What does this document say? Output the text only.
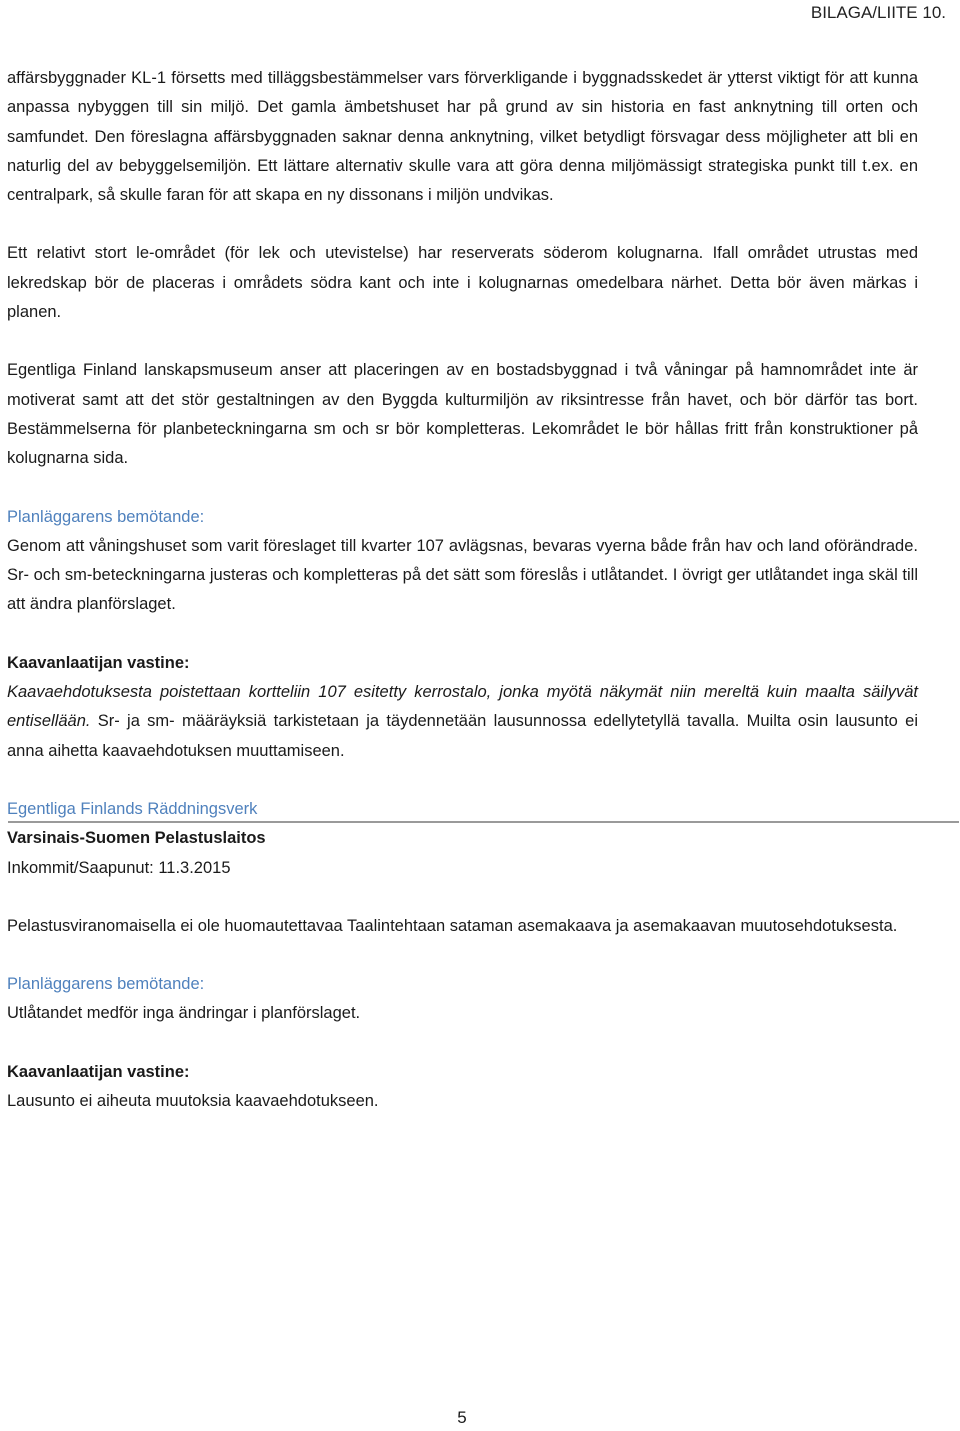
BILAGA/LIITE 10.

affärsbyggnader KL-1 försetts med tilläggsbestämmelser vars förverkligande i byggnadsskedet är ytterst viktigt för att kunna anpassa nybyggen till sin miljö. Det gamla ämbetshuset har på grund av sin historia en fast anknytning till orten och samfundet. Den föreslagna affärsbyggnaden saknar denna anknytning, vilket betydligt försvagar dess möjligheter att bli en naturlig del av bebyggelsemiljön. Ett lättare alternativ skulle vara att göra denna miljömässigt strategiska punkt till t.ex. en centralpark, så skulle faran för att skapa en ny dissonans i miljön undvikas.

Ett relativt stort le-området (för lek och utevistelse) har reserverats söderom kolugnarna. Ifall området utrustas med lekredskap bör de placeras i områdets södra kant och inte i kolugnarnas omedelbara närhet. Detta bör även märkas i planen.

Egentliga Finland lanskapsmuseum anser att placeringen av en bostadsbyggnad i två våningar på hamnområdet inte är motiverat samt att det stör gestaltningen av den Byggda kulturmiljön av riksintresse från havet, och bör därför tas bort. Bestämmelserna för planbeteckningarna sm och sr bör kompletteras. Lekområdet le bör hållas fritt från konstruktioner på kolugnarna sida.

Planläggarens bemötande:

Genom att våningshuset som varit föreslaget till kvarter 107 avlägsnas, bevaras vyerna både från hav och land oförändrade. Sr- och sm-beteckningarna justeras och kompletteras på det sätt som föreslås i utlåtandet. I övrigt ger utlåtandet inga skäl till att ändra planförslaget.

Kaavanlaatijan vastine:

Kaavaehdotuksesta poistettaan kortteliin 107 esitetty kerrostalo, jonka myötä näkymät niin mereltä kuin maalta säilyvät entisellään. Sr- ja sm- määräyksiä tarkistetaan ja täydennetään lausunnossa edellytetyllä tavalla. Muilta osin lausunto ei anna aihetta kaavaehdotuksen muuttamiseen.

Egentliga Finlands Räddningsverk
Varsinais-Suomen Pelastuslaitos
Inkommit/Saapunut: 11.3.2015

Pelastusviranomaisella ei ole huomautettavaa Taalintehtaan sataman asemakaava ja asemakaavan muutosehdotuksesta.

Planläggarens bemötande:
Utlåtandet medför inga ändringar i planförslaget.
Kaavanlaatijan vastine:
Lausunto ei aiheuta muutoksia kaavaehdotukseen.
5
